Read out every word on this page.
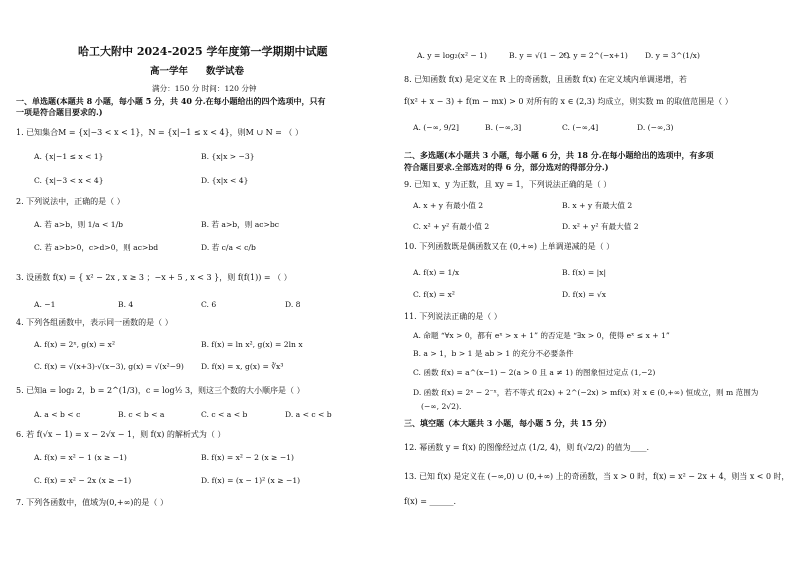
哈工大附中 2024-2025 学年度第一学期期中试题
高一学年 数学试卷
满分：150 分 时间：120 分钟
一、单选题(本题共 8 小题，每小题 5 分，共 40 分.在每小题给出的四个选项中，只有
一项是符合题目要求的.)
1. 已知集合M = {x|−3 < x < 1}，N = {x|−1 ≤ x < 4}，则M ∪ N = （ ）
A. {x|−1 ≤ x < 1}	B. {x|x > −3}
C. {x|−3 < x < 4}	D. {x|x < 4}
2. 下列说法中，正确的是（ ）
A. 若 a>b，则 1/a < 1/b	B. 若 a>b，则 ac>bc
C. 若 a>b>0，c>d>0，则 ac>bd	D. 若 c/a < c/b
3. 设函数 f(x) = { x² − 2x , x ≥ 3 ；−x + 5 , x < 3 }，则 f(f(1)) = （ ）
A. −1	B. 4	C. 6	D. 8
4. 下列各组函数中，表示同一函数的是（ ）
A. f(x) = 2ˣ, g(x) = x²	B. f(x) = ln x², g(x) = 2ln x
C. f(x) = √(x+3)·√(x−3), g(x) = √(x²−9) D. f(x) = x, g(x) = ∛x³
5. 已知a = log₂ 2，b = 2^(1/3)，c = log½ 3，则这三个数的大小顺序是（ ）
A. a < b < c	B. c < b < a	C. c < a < b	D. a < c < b
6. 若 f(√x − 1) = x − 2√x − 1，则 f(x) 的解析式为（ ）
A. f(x) = x² − 1 (x ≥ −1)	B. f(x) = x² − 2 (x ≥ −1)
C. f(x) = x² − 2x (x ≥ −1)	D. f(x) = (x − 1)² (x ≥ −1)
7. 下列各函数中，值域为(0,+∞)的是（ ）
A. y = log₂(x² − 1)	B. y = √(1 − 2ˣ)
C. y = 2^(−x+1) D. y = 3^(1/x)
8. 已知函数 f(x) 是定义在 R 上的奇函数，且函数 f(x) 在定义域内单调递增，若
f(x² + x − 3) + f(m − mx) > 0 对所有的 x ∈ (2,3) 均成立，则实数 m 的取值范围是（ ）
A. (−∞, 9/2]	B. (−∞,3]	C. (−∞,4]	D. (−∞,3)
二、多选题(本小题共 3 小题，每小题 6 分，共 18 分.在每小题给出的选项中，有多项
符合题目要求.全部选对的得 6 分，部分选对的得部分分.)
9. 已知 x、y 为正数，且 xy = 1，下列说法正确的是（ ）
A. x + y 有最小值 2	B. x + y 有最大值 2
C. x² + y² 有最小值 2	D. x² + y² 有最大值 2
10. 下列函数既是偶函数又在 (0,+∞) 上单调递减的是（ ）
A. f(x) = 1/x	B. f(x) = |x|
C. f(x) = x²	D. f(x) = √x
11. 下列说法正确的是（ ）
A. 命题 “∀x > 0，都有 eˣ > x + 1” 的否定是 “∃x > 0，使得 eˣ ≤ x + 1”
B. a > 1，b > 1 是 ab > 1 的充分不必要条件
C. 函数 f(x) = a^(x−1) − 2(a > 0 且 a ≠ 1) 的图象恒过定点 (1,−2)
D. 函数 f(x) = 2ˣ − 2⁻ˣ，若不等式 f(2x) + 2^(−2x) > mf(x) 对 x ∈ (0,+∞) 恒成立，则 m 范围为
(−∞, 2√2).
三、填空题（本大题共 3 小题，每小题 5 分，共 15 分）
12. 幂函数 y = f(x) 的图像经过点 (1/2, 4)，则 f(√2/2) 的值为____.
13. 已知 f(x) 是定义在 (−∞,0) ∪ (0,+∞) 上的奇函数，当 x > 0 时，f(x) = x² − 2x + 4，则当 x < 0 时，
f(x) = ______.
